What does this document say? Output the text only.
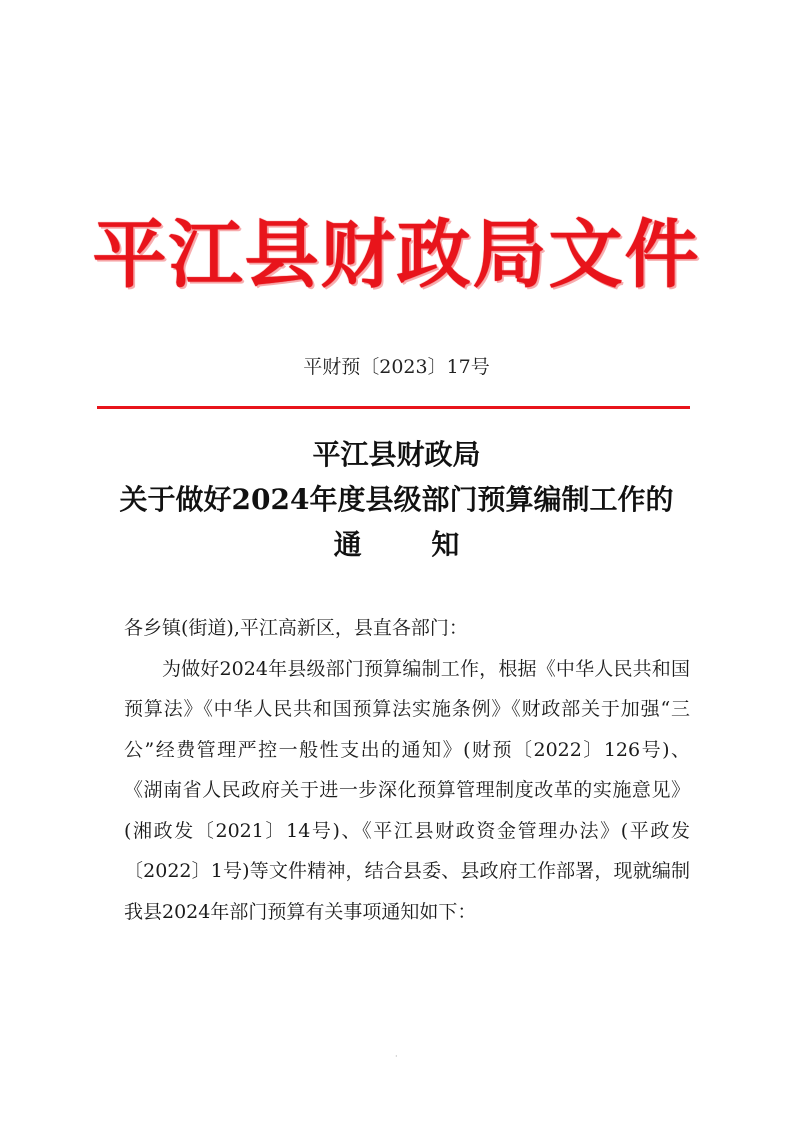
平江县财政局文件
平财预〔2023〕17号
平江县财政局
关于做好2024年度县级部门预算编制工作的
通 知

各乡镇(街道),平江高新区，县直各部门：

为做好2024年县级部门预算编制工作，根据《中华人民共和国预算法》《中华人民共和国预算法实施条例》《财政部关于加强“三公”经费管理严控一般性支出的通知》(财预〔2022〕126号)、 《湖南省人民政府关于进一步深化预算管理制度改革的实施意见》(湘政发〔2021〕14号)、《平江县财政资金管理办法》(平政发〔2022〕1号)等文件精神，结合县委、县政府工作部署，现就编制我县2024年部门预算有关事项通知如下：

·
